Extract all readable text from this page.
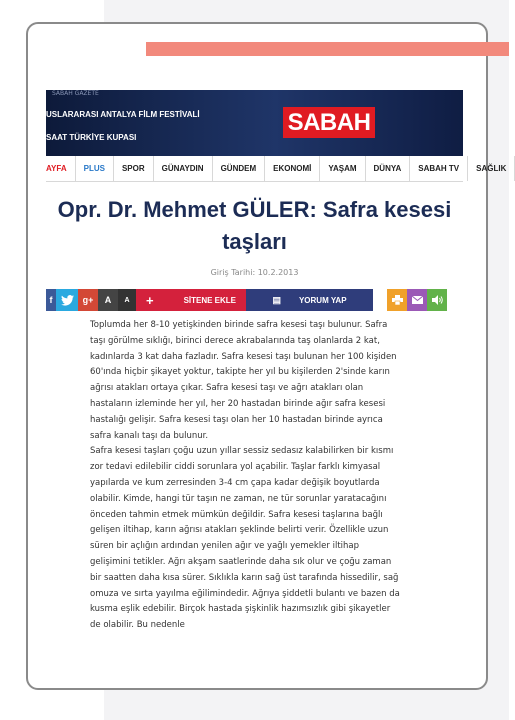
SABAH GAZETE
USLARARASI ANTALYA FİLM FESTİVALİ
SAAT TÜRKİYE KUPASI
SABAH
AYFA	PLUS	SPOR	GÜNAYDIN	GÜNDEM	EKONOMİ	YAŞAM	DÜNYA	SABAH TV	SAĞLIK
Opr. Dr. Mehmet GÜLER: Safra kesesi
taşları
Giriş Tarihi: 10.2.2013
f	g+ A A +	SİTENE EKLE	▤ YORUM YAP

Toplumda her 8-10 yetişkinden birinde safra kesesi taşı bulunur. Safra taşı görülme sıklığı, birinci derece akrabalarında taş olanlarda 2 kat, kadınlarda 3 kat daha fazladır. Safra kesesi taşı bulunan her 100 kişiden 60'ında hiçbir şikayet yoktur, takipte her yıl bu kişilerden 2'sinde karın ağrısı atakları ortaya çıkar. Safra kesesi taşı ve ağrı atakları olan hastaların izleminde her yıl, her 20 hastadan birinde ağır safra kesesi hastalığı gelişir. Safra kesesi taşı olan her 10 hastadan birinde ayrıca safra kanalı taşı da bulunur.

Safra kesesi taşları çoğu uzun yıllar sessiz sedasız kalabilirken bir kısmı zor tedavi edilebilir ciddi sorunlara yol açabilir. Taşlar farklı kimyasal yapılarda ve kum zerresinden 3-4 cm çapa kadar değişik boyutlarda olabilir. Kimde, hangi tür taşın ne zaman, ne tür sorunlar yaratacağını önceden tahmin etmek mümkün değildir. Safra kesesi taşlarına bağlı gelişen iltihap, karın ağrısı atakları şeklinde belirti verir. Özellikle uzun süren bir açlığın ardından yenilen ağır ve yağlı yemekler iltihap gelişimini tetikler. Ağrı akşam saatlerinde daha sık olur ve çoğu zaman bir saatten daha kısa sürer. Sıklıkla karın sağ üst tarafında hissedilir, sağ omuza ve sırta yayılma eğilimindedir. Ağrıya şiddetli bulantı ve bazen da kusma eşlik edebilir. Birçok hastada şişkinlik hazımsızlık gibi şikayetler de olabilir. Bu nedenle
